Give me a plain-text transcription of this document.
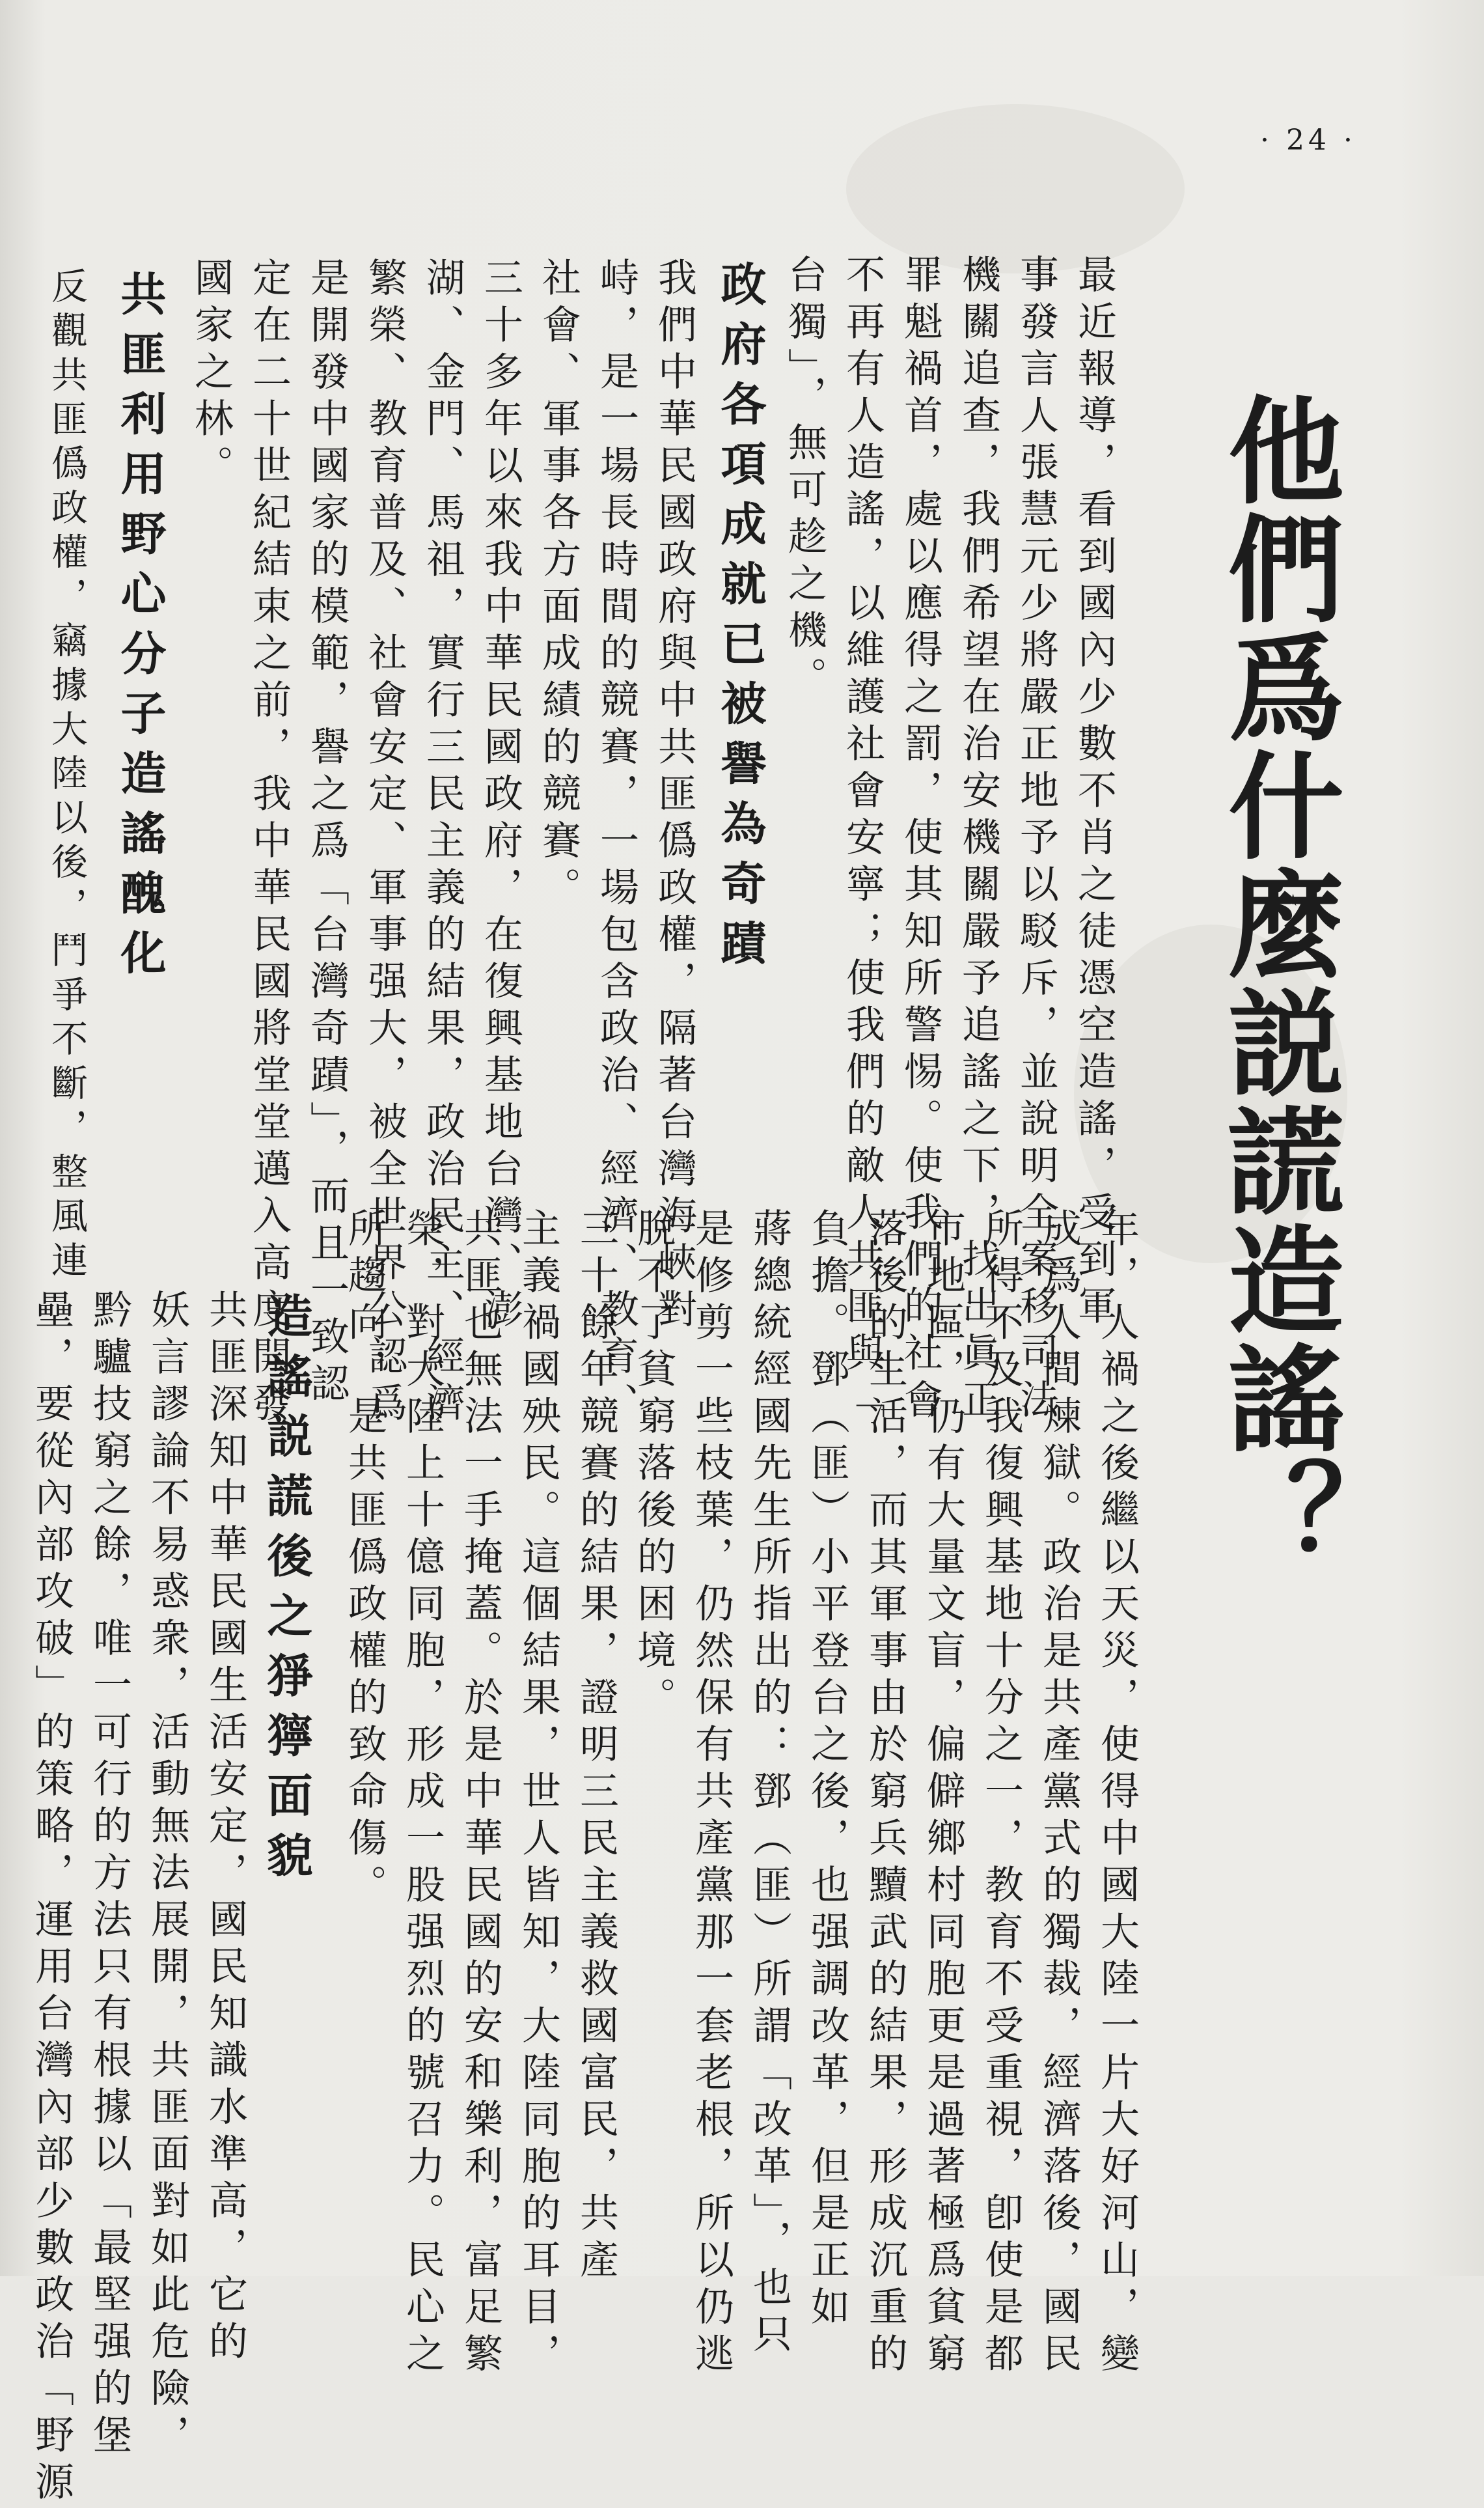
· 24 ·
他們爲什麼説謊造謠？
最近報導，看到國內少數不肖之徒憑空造謠，受到軍
事發言人張慧元少將嚴正地予以駁斥，並說明全案移司法
機關追查，我們希望在治安機關嚴予追謠之下，找出眞正
罪魁禍首，處以應得之罰，使其知所警惕。使我們的社會
不再有人造謠，以維護社會安寧；使我們的敵人共匪與「
台獨」，無可趁之機。
政府各項成就已被譽為奇蹟
我們中華民國政府與中共匪僞政權，隔著台灣海峽對
峙，是一場長時間的競賽，一場包含政治、經濟、教育、
社會、軍事各方面成績的競賽。
三十多年以來我中華民國政府，在復興基地台灣、澎
湖、金門、馬祖，實行三民主義的結果，政治民主、經濟
繁榮、教育普及、社會安定、軍事强大，被全世界公認爲
是開發中國家的模範，譽之爲「台灣奇蹟」，而且一致認
定在二十世紀結束之前，我中華民國將堂堂邁入高度開發
國家之林。
共匪利用野心分子造謠醜化
反觀共匪僞政權，竊據大陸以後，鬥爭不斷，整風連
年，人禍之後繼以天災，使得中國大陸一片大好河山，變
成爲人間煉獄。政治是共產黨式的獨裁，經濟落後，國民
所得不及我復興基地十分之一，教育不受重視，卽使是都
市地區，仍有大量文盲，偏僻鄉村同胞更是過著極爲貧窮
落後的生活，而其軍事由於窮兵黷武的結果，形成沉重的
負擔。鄧（匪）小平登台之後，也强調改革，但是正如
蔣總統經國先生所指出的：鄧（匪）所謂「改革」，也只
是修剪一些枝葉，仍然保有共產黨那一套老根，所以仍逃
脫不了貧窮落後的困境。
三十餘年競賽的結果，證明三民主義救國富民，共產
主義禍國殃民。這個結果，世人皆知，大陸同胞的耳目，
共匪也無法一手掩蓋。於是中華民國的安和樂利，富足繁
榮，對大陸上十億同胞，形成一股强烈的號召力。民心之
所趨向，是共匪僞政權的致命傷。
造謠説謊後之猙獰面貌
共匪深知中華民國生活安定，國民知識水準高，它的
妖言謬論不易惑衆，活動無法展開，共匪面對如此危險，
黔驢技窮之餘，唯一可行的方法只有根據以「最堅强的堡
壘，要從內部攻破」的策略，運用台灣內部少數政治「野源
